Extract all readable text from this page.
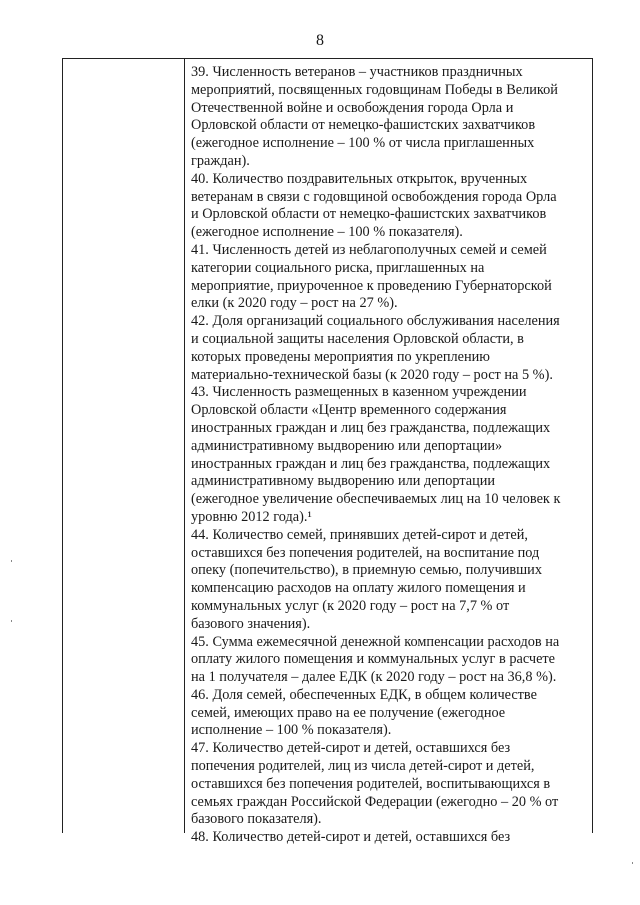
8

39. Численность ветеранов – участников праздничных
мероприятий, посвященных годовщинам Победы в Великой
Отечественной войне и освобождения города Орла и
Орловской области от немецко-фашистских захватчиков
(ежегодное исполнение – 100 % от числа приглашенных
граждан).

40. Количество поздравительных открыток, врученных
ветеранам в связи с годовщиной освобождения города Орла
и Орловской области от немецко-фашистских захватчиков
(ежегодное исполнение – 100 % показателя).

41. Численность детей из неблагополучных семей и семей
категории социального риска, приглашенных на
мероприятие, приуроченное к проведению Губернаторской
елки (к 2020 году – рост на 27 %).

42. Доля организаций социального обслуживания населения
и социальной защиты населения Орловской области, в
которых проведены мероприятия по укреплению
материально-технической базы (к 2020 году – рост на 5 %).

43. Численность размещенных в казенном учреждении
Орловской области «Центр временного содержания
иностранных граждан и лиц без гражданства, подлежащих
административному выдворению или депортации»
иностранных граждан и лиц без гражданства, подлежащих
административному выдворению или депортации
(ежегодное увеличение обеспечиваемых лиц на 10 человек к
уровню 2012 года).¹

44. Количество семей, принявших детей-сирот и детей,
оставшихся без попечения родителей, на воспитание под
опеку (попечительство), в приемную семью, получивших
компенсацию расходов на оплату жилого помещения и
коммунальных услуг (к 2020 году – рост на 7,7 % от
базового значения).

45. Сумма ежемесячной денежной компенсации расходов на
оплату жилого помещения и коммунальных услуг в расчете
на 1 получателя – далее ЕДК (к 2020 году – рост на 36,8 %).

46. Доля семей, обеспеченных ЕДК, в общем количестве
семей, имеющих право на ее получение (ежегодное
исполнение – 100 % показателя).

47. Количество детей-сирот и детей, оставшихся без
попечения родителей, лиц из числа детей-сирот и детей,
оставшихся без попечения родителей, воспитывающихся в
семьях граждан Российской Федерации (ежегодно – 20 % от
базового показателя).

48. Количество детей-сирот и детей, оставшихся без
